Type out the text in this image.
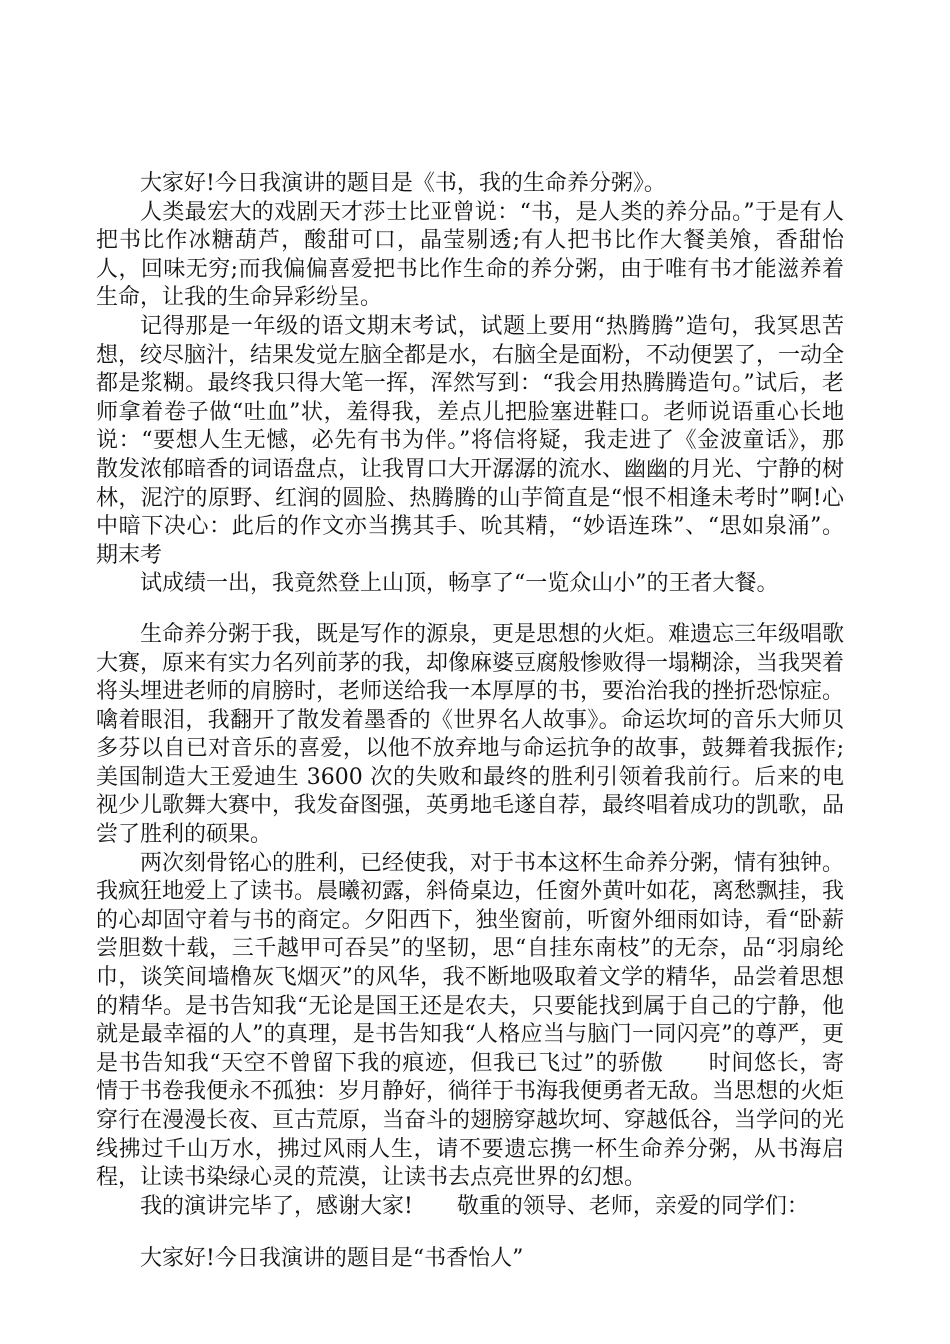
大家好!今日我演讲的题目是《书，我的生命养分粥》。

人类最宏大的戏剧天才莎士比亚曾说：“书，是人类的养分品。”于是有人把书比作冰糖葫芦，酸甜可口，晶莹剔透;有人把书比作大餐美飧，香甜怡人，回味无穷;而我偏偏喜爱把书比作生命的养分粥，由于唯有书才能滋养着生命，让我的生命异彩纷呈。

记得那是一年级的语文期末考试，试题上要用“热腾腾”造句，我冥思苦想，绞尽脑汁，结果发觉左脑全都是水，右脑全是面粉，不动便罢了，一动全都是浆糊。最终我只得大笔一挥，浑然写到：“我会用热腾腾造句。”试后，老师拿着卷子做“吐血”状，羞得我，差点儿把脸塞进鞋口。老师说语重心长地说：“要想人生无憾，必先有书为伴。”将信将疑，我走进了《金波童话》，那散发浓郁暗香的词语盘点，让我胃口大开潺潺的流水、幽幽的月光、宁静的树林，泥泞的原野、红润的圆脸、热腾腾的山芋简直是“恨不相逢未考时”啊!心中暗下决心：此后的作文亦当携其手、吮其精，“妙语连珠”、“思如泉涌”。期末考

试成绩一出，我竟然登上山顶，畅享了“一览众山小”的王者大餐。

生命养分粥于我，既是写作的源泉，更是思想的火炬。难遗忘三年级唱歌大赛，原来有实力名列前茅的我，却像麻婆豆腐般惨败得一塌糊涂，当我哭着将头埋进老师的肩膀时，老师送给我一本厚厚的书，要治治我的挫折恐惊症。噙着眼泪，我翻开了散发着墨香的《世界名人故事》。命运坎坷的音乐大师贝多芬以自已对音乐的喜爱，以他不放弃地与命运抗争的故事，鼓舞着我振作;美国制造大王爱迪生 3600 次的失败和最终的胜利引领着我前行。后来的电视少儿歌舞大赛中，我发奋图强，英勇地毛遂自荐，最终唱着成功的凯歌，品尝了胜利的硕果。

两次刻骨铭心的胜利，已经使我，对于书本这杯生命养分粥，情有独钟。我疯狂地爱上了读书。晨曦初露，斜倚桌边，任窗外黄叶如花，离愁飘挂，我的心却固守着与书的商定。夕阳西下，独坐窗前，听窗外细雨如诗，看“卧薪尝胆数十载，三千越甲可吞吴”的坚韧，思“自挂东南枝”的无奈，品“羽扇纶巾，谈笑间墙橹灰飞烟灭”的风华，我不断地吸取着文学的精华，品尝着思想的精华。是书告知我“无论是国王还是农夫，只要能找到属于自己的宁静，他就是最幸福的人”的真理，是书告知我“人格应当与脑门一同闪亮”的尊严，更是书告知我“天空不曾留下我的痕迹，但我已飞过”的骄傲　　时间悠长，寄情于书卷我便永不孤独：岁月静好，徜徉于书海我便勇者无敌。当思想的火炬穿行在漫漫长夜、亘古荒原，当奋斗的翅膀穿越坎坷、穿越低谷，当学问的光线拂过千山万水，拂过风雨人生，请不要遗忘携一杯生命养分粥，从书海启程，让读书染绿心灵的荒漠，让读书去点亮世界的幻想。

我的演讲完毕了，感谢大家!　　敬重的领导、老师，亲爱的同学们：

大家好!今日我演讲的题目是“书香怡人”
